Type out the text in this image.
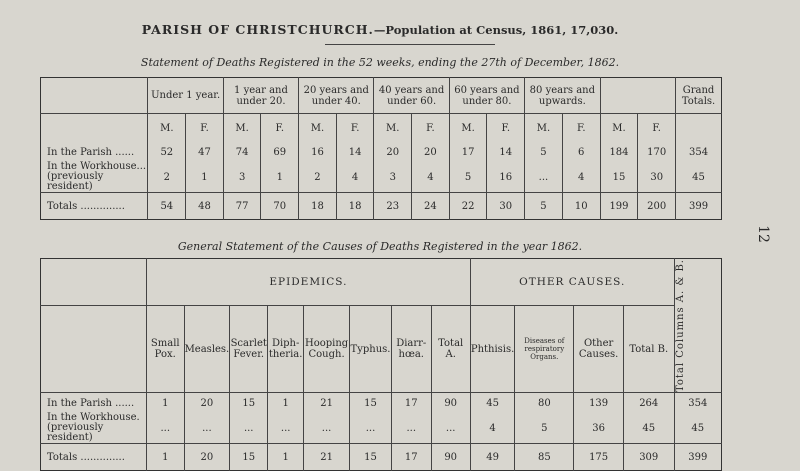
PARISH OF CHRISTCHURCH.—Population at Census, 1861, 17,030.
Statement of Deaths Registered in the 52 weeks, ending the 27th of December, 1862.
	Under 1 year.		1 year and under 20.		20 years and under 40.		40 years and under 60.		60 years and under 80.		80 years and upwards.				Grand Totals.
	M.	F.	M.	F.	M.	F.	M.	F.	M.	F.	M.	F.	M.	F.	
In the Parish ......	52	47	74	69	16	14	20	20	17	14	5	6	184	170	354

In the Workhouse...
(previously resident)	2	1	3	1	2	4	3	4	5	16	...	4	15	30	45
Totals ..............	54	48	77	70	18	18	23	24	22	30	5	10	199	200	399
General Statement of the Causes of Deaths Registered in the year 1862.
	EPIDEMICS.								OTHER CAUSES.				Total Columns A. & B.

	Small Pox.	Measles.	Scarlet Fever.	Diph- theria.	Hooping Cough.	Typhus.	Diarr- hœa.	Total A.	Phthisis.	Diseases of respiratory Organs.	Other Causes.	Total B.	
In the Parish ......	1	20	15	1	21	15	17	90	45	80	139	264	354

In the Workhouse.
(previously resident)	...	...	...	...	...	...	...	...	4	5	36	45	45
Totals ..............	1	20	15	1	21	15	17	90	49	85	175	309	399
12
